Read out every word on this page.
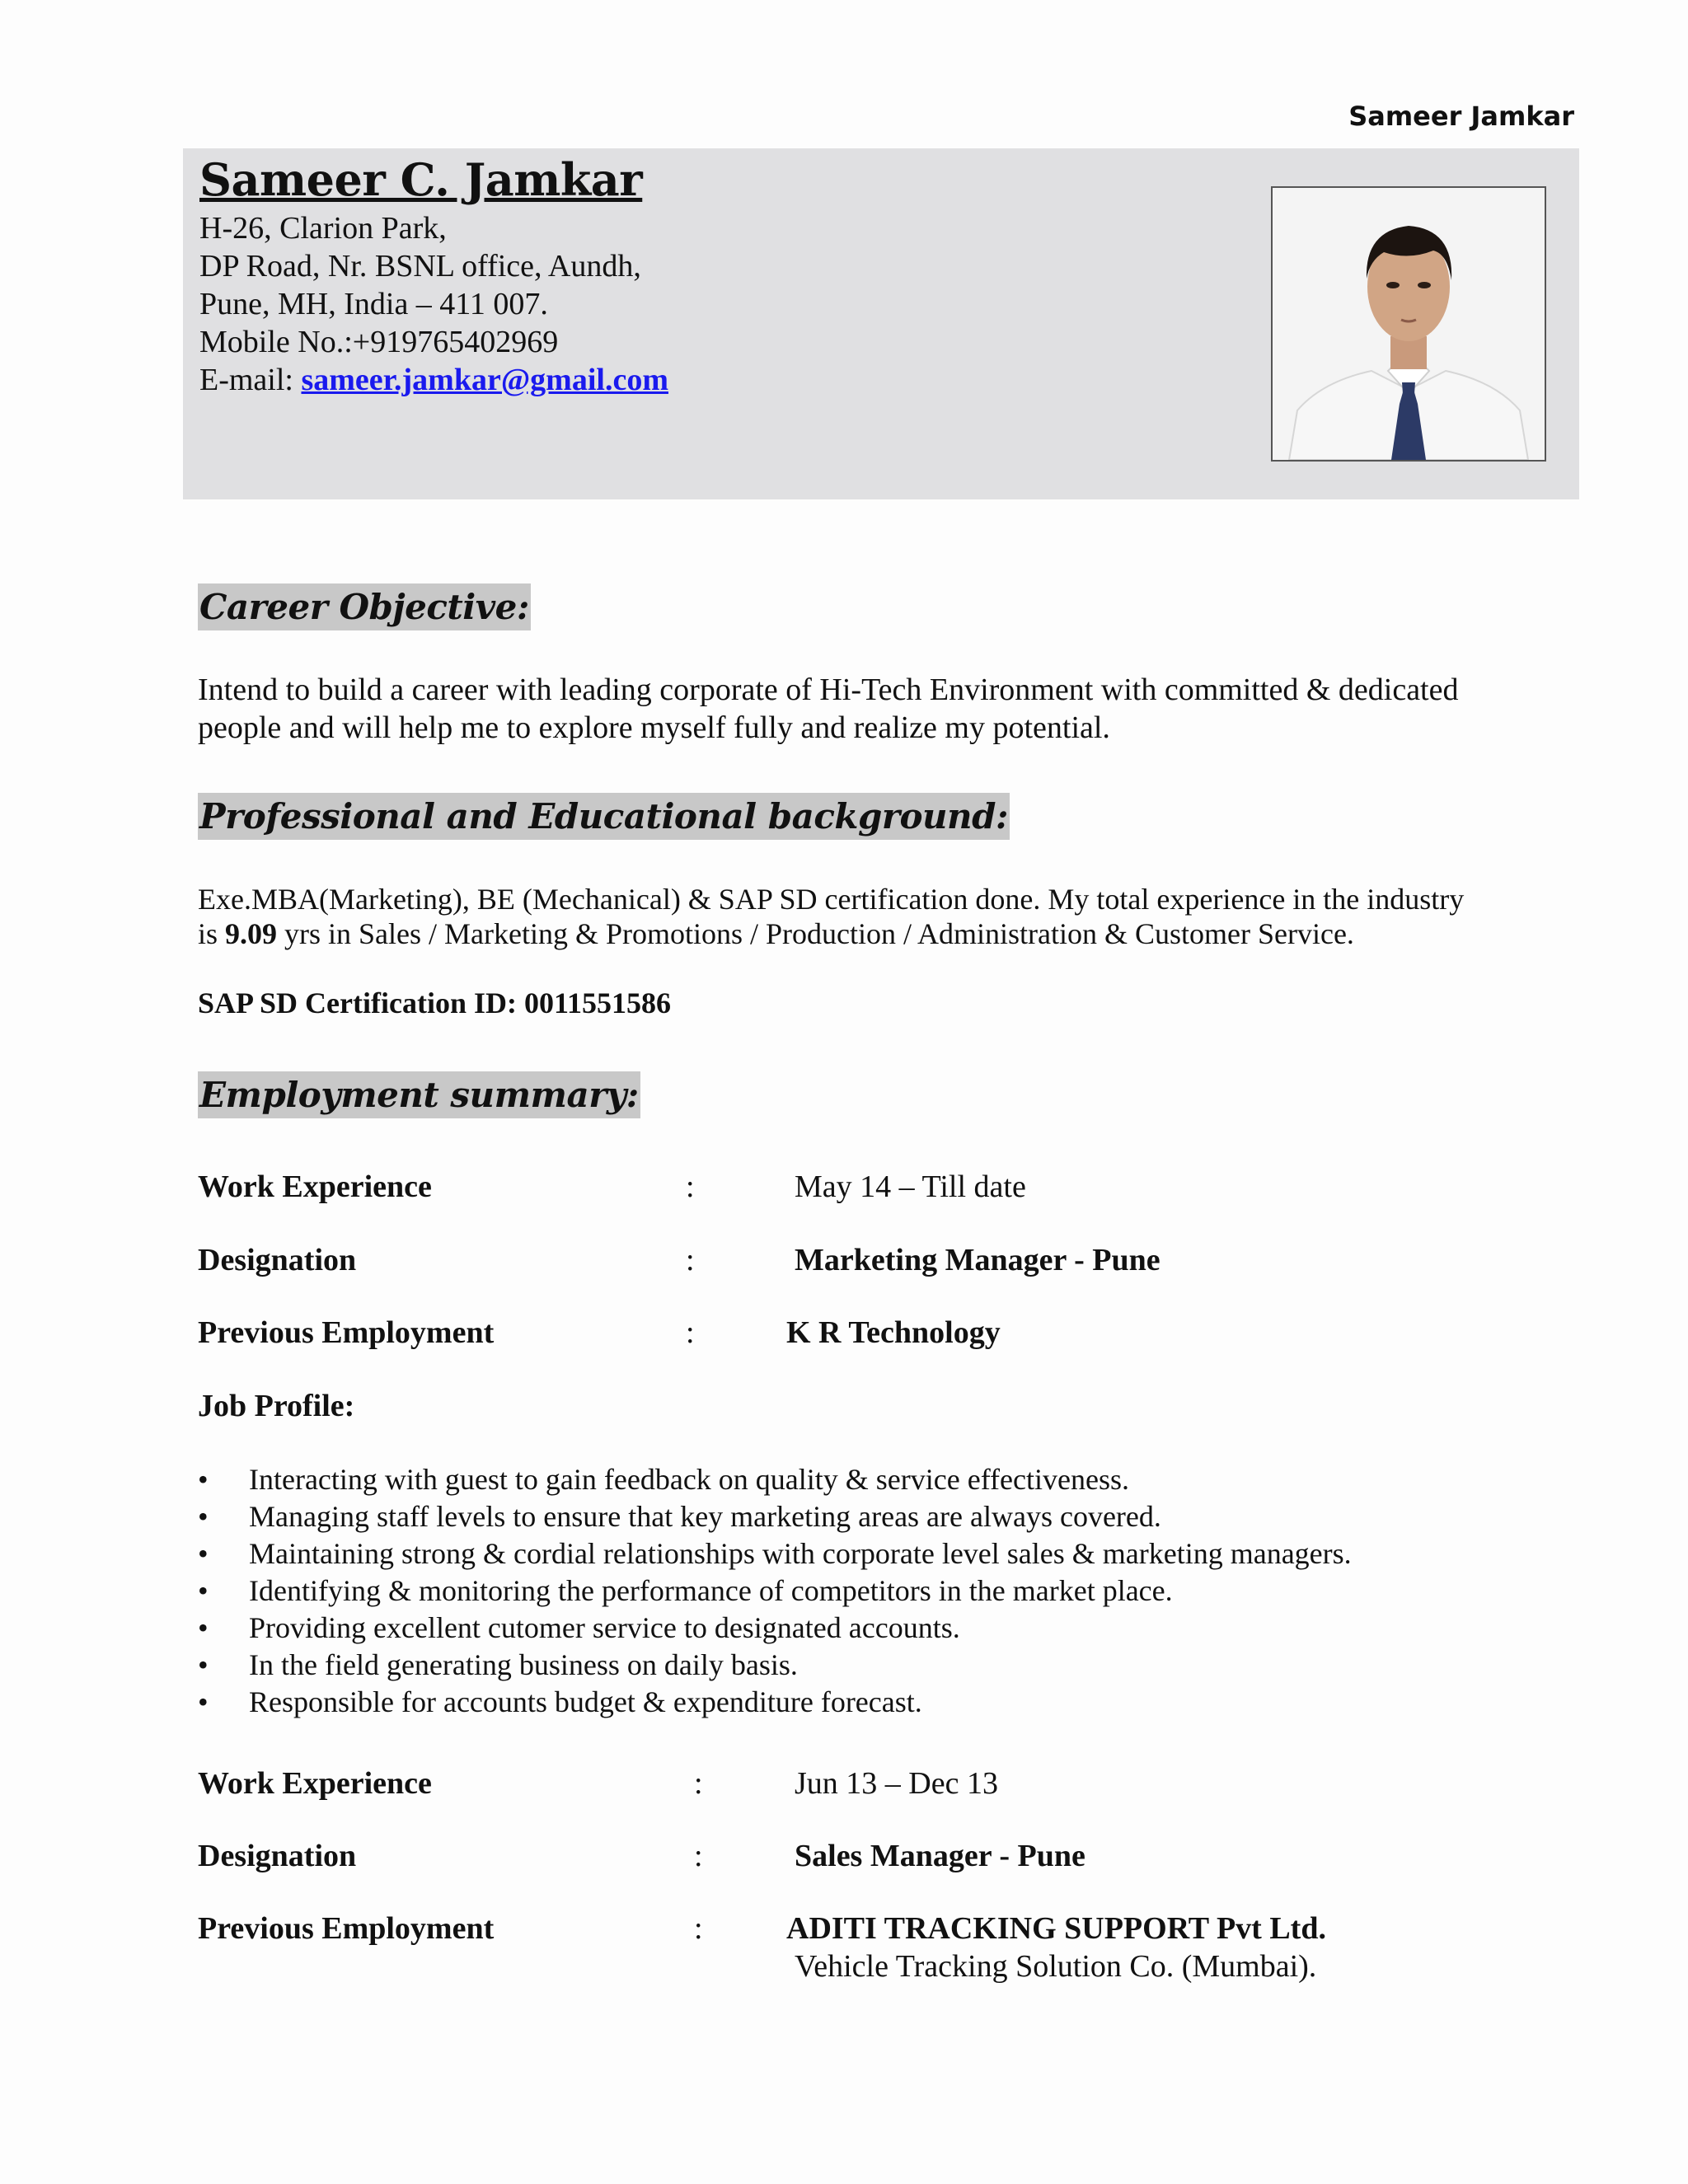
Sameer Jamkar
Sameer C. Jamkar
H-26, Clarion Park,
DP Road, Nr. BSNL office, Aundh,
Pune, MH, India – 411 007.
Mobile No.:+919765402969
E-mail: sameer.jamkar@gmail.com
Career Objective:
Intend to build a career with leading corporate of Hi-Tech Environment with committed & dedicated people and will help me to explore myself fully and realize my potential.
Professional and Educational background:
Exe.MBA(Marketing), BE (Mechanical) & SAP SD certification done. My total experience in the industry is 9.09 yrs in Sales / Marketing & Promotions / Production / Administration & Customer Service.
SAP SD Certification ID: 0011551586
Employment summary:
Work Experience	:	May 14 – Till date
Designation	:	Marketing Manager - Pune
Previous Employment	:	K R Technology
Job Profile:
• Interacting with guest to gain feedback on quality & service effectiveness.
• Managing staff levels to ensure that key marketing areas are always covered.
• Maintaining strong & cordial relationships with corporate level sales & marketing managers.
• Identifying & monitoring the performance of competitors in the market place.
• Providing excellent cutomer service to designated accounts.
• In the field generating business on daily basis.
• Responsible for accounts budget & expenditure forecast.
Work Experience	:	Jun 13 – Dec 13
Designation	:	Sales Manager - Pune
Previous Employment	:	ADITI TRACKING SUPPORT Pvt Ltd.
Vehicle Tracking Solution Co. (Mumbai).
